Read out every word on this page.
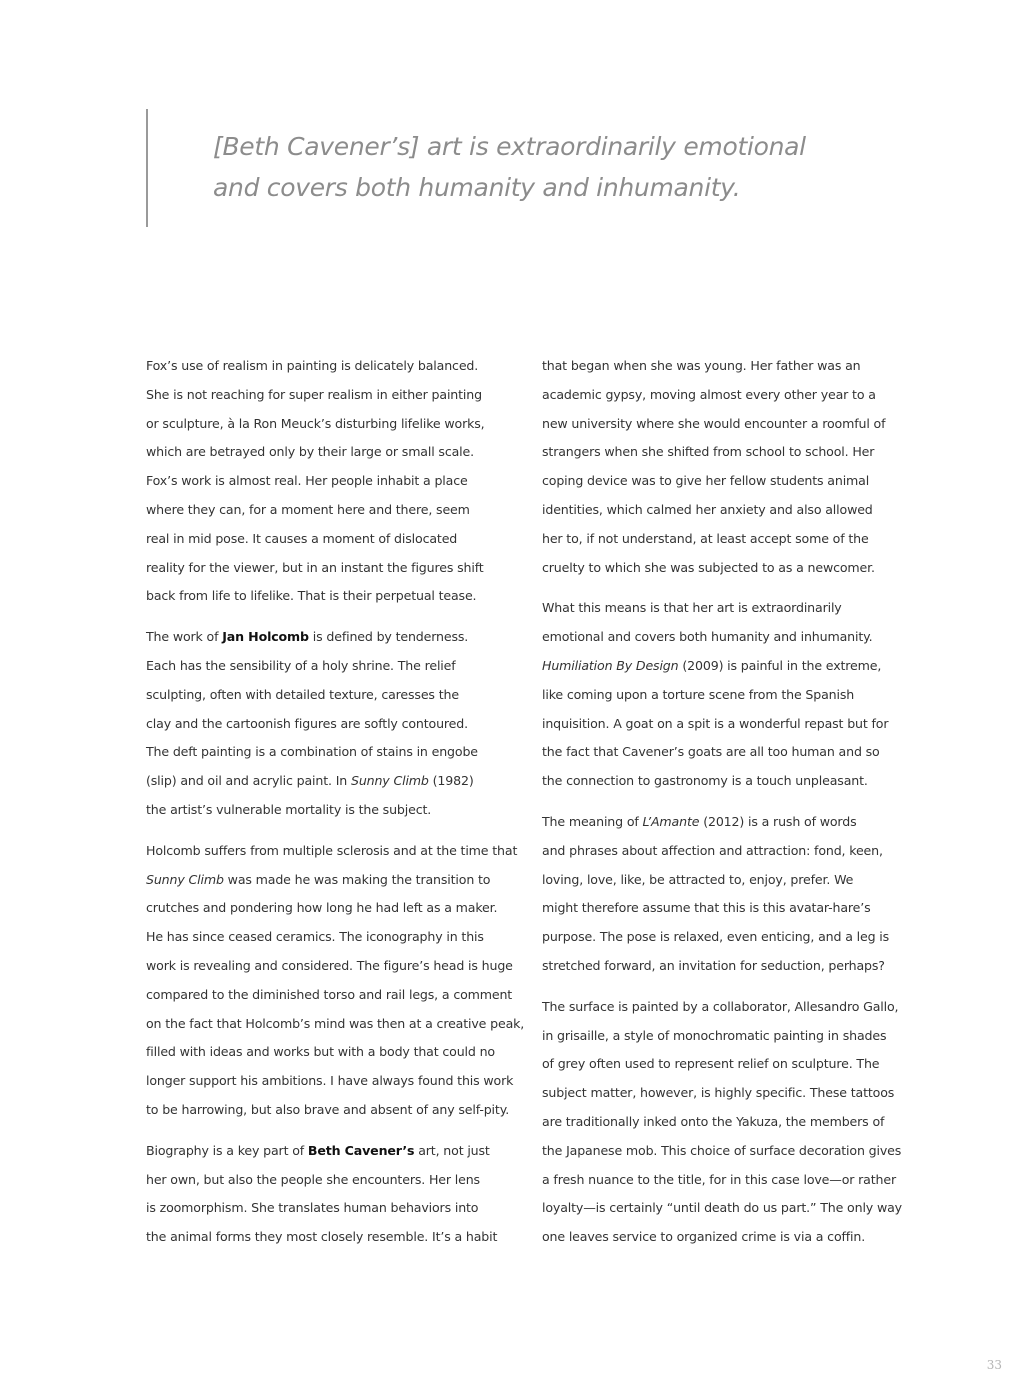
[Beth Cavener’s] art is extraordinarily emotional
and covers both humanity and inhumanity.

Fox’s use of realism in painting is delicately balanced.
She is not reaching for super realism in either painting
or sculpture, à la Ron Meuck’s disturbing lifelike works,
which are betrayed only by their large or small scale.
Fox’s work is almost real. Her people inhabit a place
where they can, for a moment here and there, seem
real in mid pose. It causes a moment of dislocated
reality for the viewer, but in an instant the figures shift
back from life to lifelike. That is their perpetual tease.

The work of Jan Holcomb is defined by tenderness.
Each has the sensibility of a holy shrine. The relief
sculpting, often with detailed texture, caresses the
clay and the cartoonish figures are softly contoured.
The deft painting is a combination of stains in engobe
(slip) and oil and acrylic paint. In Sunny Climb (1982)
the artist’s vulnerable mortality is the subject.

Holcomb suffers from multiple sclerosis and at the time that
Sunny Climb was made he was making the transition to
crutches and pondering how long he had left as a maker.
He has since ceased ceramics. The iconography in this
work is revealing and considered. The figure’s head is huge
compared to the diminished torso and rail legs, a comment
on the fact that Holcomb’s mind was then at a creative peak,
filled with ideas and works but with a body that could no
longer support his ambitions. I have always found this work
to be harrowing, but also brave and absent of any self-pity.

Biography is a key part of Beth Cavener’s art, not just
her own, but also the people she encounters. Her lens
is zoomorphism. She translates human behaviors into
the animal forms they most closely resemble. It’s a habit

that began when she was young. Her father was an
academic gypsy, moving almost every other year to a
new university where she would encounter a roomful of
strangers when she shifted from school to school. Her
coping device was to give her fellow students animal
identities, which calmed her anxiety and also allowed
her to, if not understand, at least accept some of the
cruelty to which she was subjected to as a newcomer.

What this means is that her art is extraordinarily
emotional and covers both humanity and inhumanity.
Humiliation By Design (2009) is painful in the extreme,
like coming upon a torture scene from the Spanish
inquisition. A goat on a spit is a wonderful repast but for
the fact that Cavener’s goats are all too human and so
the connection to gastronomy is a touch unpleasant.

The meaning of L’Amante (2012) is a rush of words
and phrases about affection and attraction: fond, keen,
loving, love, like, be attracted to, enjoy, prefer. We
might therefore assume that this is this avatar-hare’s
purpose. The pose is relaxed, even enticing, and a leg is
stretched forward, an invitation for seduction, perhaps?

The surface is painted by a collaborator, Allesandro Gallo,
in grisaille, a style of monochromatic painting in shades
of grey often used to represent relief on sculpture. The
subject matter, however, is highly specific. These tattoos
are traditionally inked onto the Yakuza, the members of
the Japanese mob. This choice of surface decoration gives
a fresh nuance to the title, for in this case love—or rather
loyalty—is certainly “until death do us part.” The only way
one leaves service to organized crime is via a coffin.

33
